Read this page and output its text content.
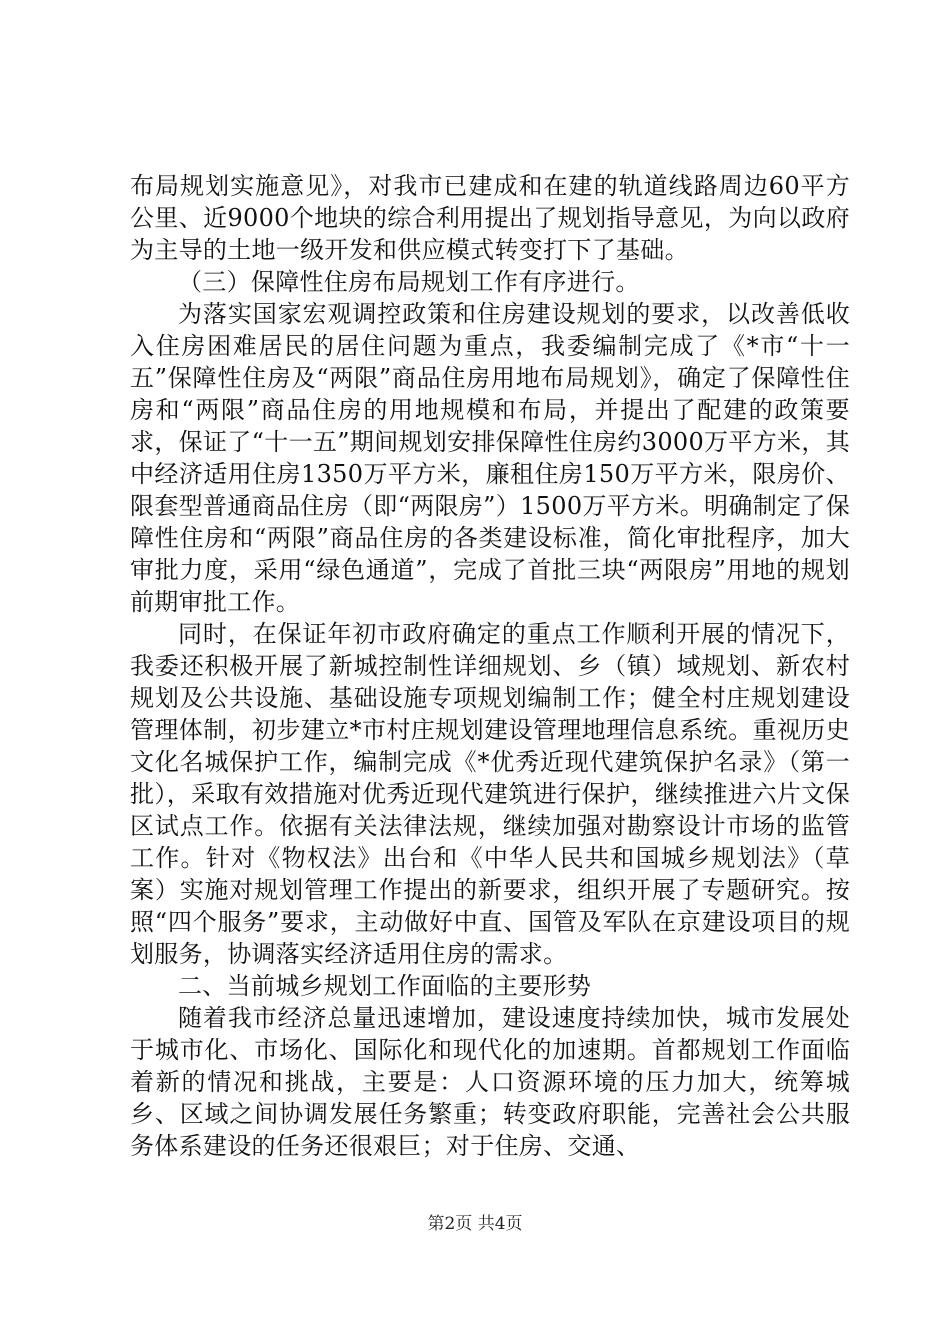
布局规划实施意见》，对我市已建成和在建的轨道线路周边60平方公里、近9000个地块的综合利用提出了规划指导意见，为向以政府为主导的土地一级开发和供应模式转变打下了基础。

（三）保障性住房布局规划工作有序进行。

为落实国家宏观调控政策和住房建设规划的要求，以改善低收入住房困难居民的居住问题为重点，我委编制完成了《*市“十一五”保障性住房及“两限”商品住房用地布局规划》，确定了保障性住房和“两限”商品住房的用地规模和布局，并提出了配建的政策要求，保证了“十一五”期间规划安排保障性住房约3000万平方米，其中经济适用住房1350万平方米，廉租住房150万平方米，限房价、限套型普通商品住房（即“两限房”）1500万平方米。明确制定了保障性住房和“两限”商品住房的各类建设标准，简化审批程序，加大审批力度，采用“绿色通道”，完成了首批三块“两限房”用地的规划前期审批工作。

同时，在保证年初市政府确定的重点工作顺利开展的情况下，我委还积极开展了新城控制性详细规划、乡（镇）域规划、新农村规划及公共设施、基础设施专项规划编制工作；健全村庄规划建设管理体制，初步建立*市村庄规划建设管理地理信息系统。重视历史文化名城保护工作，编制完成《*优秀近现代建筑保护名录》（第一批），采取有效措施对优秀近现代建筑进行保护，继续推进六片文保区试点工作。依据有关法律法规，继续加强对勘察设计市场的监管工作。针对《物权法》出台和《中华人民共和国城乡规划法》（草案）实施对规划管理工作提出的新要求，组织开展了专题研究。按照“四个服务”要求，主动做好中直、国管及军队在京建设项目的规划服务，协调落实经济适用住房的需求。

二、当前城乡规划工作面临的主要形势

随着我市经济总量迅速增加，建设速度持续加快，城市发展处于城市化、市场化、国际化和现代化的加速期。首都规划工作面临着新的情况和挑战，主要是：人口资源环境的压力加大，统筹城乡、区域之间协调发展任务繁重；转变政府职能，完善社会公共服务体系建设的任务还很艰巨；对于住房、交通、

第2页 共4页
